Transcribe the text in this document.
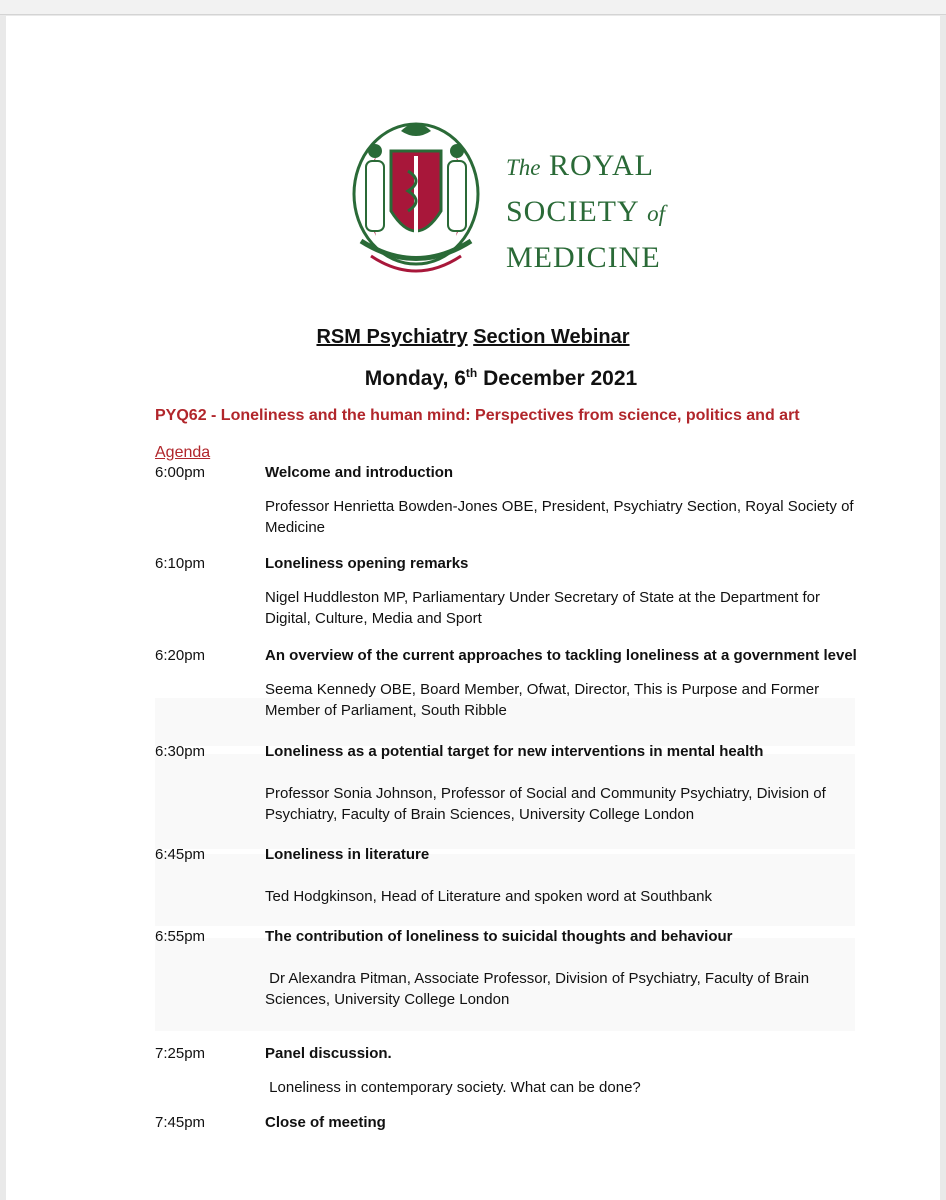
The ROYAL
SOCIETY of
MEDICINE
RSM Psychiatry Section Webinar
Monday, 6th December 2021
PYQ62 - Loneliness and the human mind: Perspectives from science, politics and art
Agenda
6:00pm	Welcome and introduction
Professor Henrietta Bowden-Jones OBE, President, Psychiatry Section, Royal Society of Medicine
6:10pm	Loneliness opening remarks
Nigel Huddleston MP, Parliamentary Under Secretary of State at the Department for Digital, Culture, Media and Sport
6:20pm	An overview of the current approaches to tackling loneliness at a government level
Seema Kennedy OBE, Board Member, Ofwat, Director, This is Purpose and Former Member of Parliament, South Ribble
6:30pm	Loneliness as a potential target for new interventions in mental health
Professor Sonia Johnson, Professor of Social and Community Psychiatry, Division of Psychiatry, Faculty of Brain Sciences, University College London
6:45pm	Loneliness in literature
Ted Hodgkinson, Head of Literature and spoken word at Southbank
6:55pm	The contribution of loneliness to suicidal thoughts and behaviour
Dr Alexandra Pitman, Associate Professor, Division of Psychiatry, Faculty of Brain Sciences, University College London
7:25pm	Panel discussion.
Loneliness in contemporary society. What can be done?
7:45pm	Close of meeting
